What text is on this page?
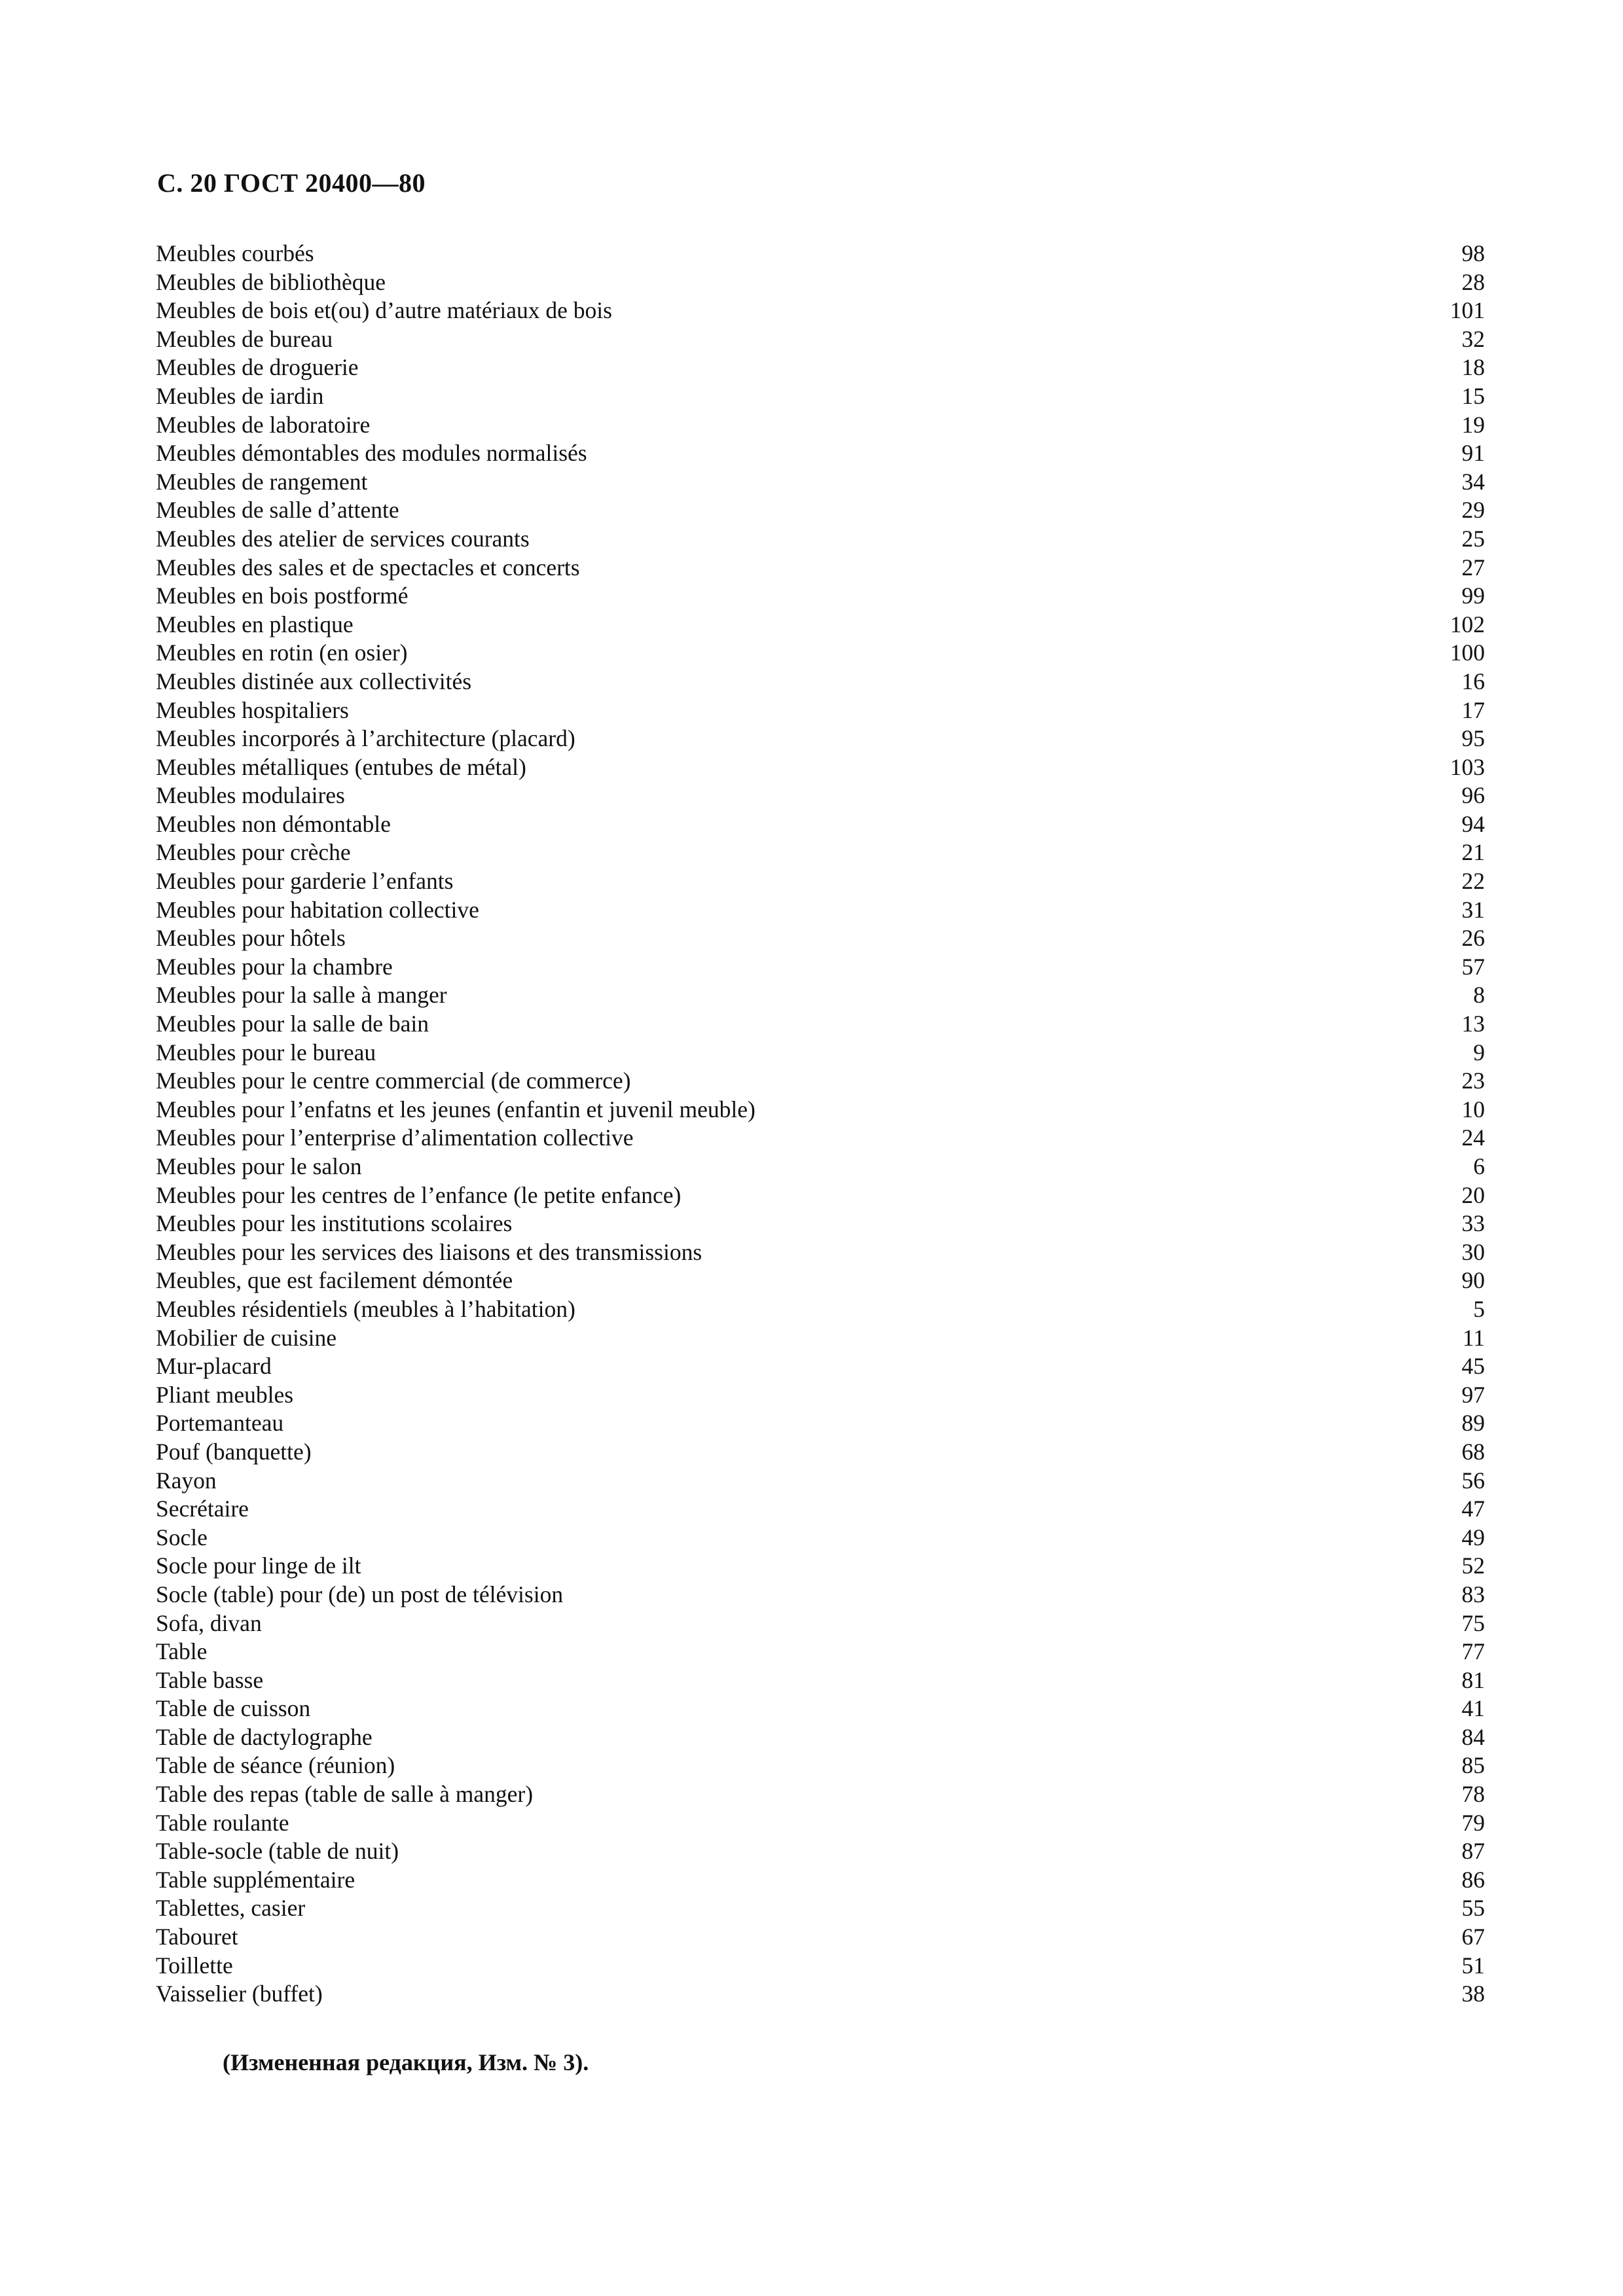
С. 20 ГОСТ 20400—80
Meubles courbés	98
Meubles de bibliothèque	28
Meubles de bois et(ou) d’autre matériaux de bois	101
Meubles de bureau	32
Meubles de droguerie	18
Meubles de iardin	15
Meubles de laboratoire	19
Meubles démontables des modules normalisés	91
Meubles de rangement	34
Meubles de salle d’attente	29
Meubles des atelier de services courants	25
Meubles des sales et de spectacles et concerts	27
Meubles en bois postformé	99
Meubles en plastique	102
Meubles en rotin (en osier)	100
Meubles distinée aux collectivités	16
Meubles hospitaliers	17
Meubles incorporés à l’architecture (placard)	95
Meubles métalliques (entubes de métal)	103
Meubles modulaires	96
Meubles non démontable	94
Meubles pour crèche	21
Meubles pour garderie l’enfants	22
Meubles pour habitation collective	31
Meubles pour hôtels	26
Meubles pour la chambre	57
Meubles pour la salle à manger	8
Meubles pour la salle de bain	13
Meubles pour le bureau	9
Meubles pour le centre commercial (de commerce)	23
Meubles pour l’enfatns et les jeunes (enfantin et juvenil meuble)	10
Meubles pour l’enterprise d’alimentation collective	24
Meubles pour le salon	6
Meubles pour les centres de l’enfance (le petite enfance)	20
Meubles pour les institutions scolaires	33
Meubles pour les services des liaisons et des transmissions	30
Meubles, que est facilement démontée	90
Meubles résidentiels (meubles à l’habitation)	5
Mobilier de cuisine	11
Mur-placard	45
Pliant meubles	97
Portemanteau	89
Pouf (banquette)	68
Rayon	56
Secrétaire	47
Socle	49
Socle pour linge de ilt	52
Socle (table) pour (de) un post de télévision	83
Sofa, divan	75
Table	77
Table basse	81
Table de cuisson	41
Table de dactylographe	84
Table de séance (réunion)	85
Table des repas (table de salle à manger)	78
Table roulante	79
Table-socle (table de nuit)	87
Table supplémentaire	86
Tablettes, casier	55
Tabouret	67
Toillette	51
Vaisselier (buffet)	38
(Измененная редакция, Изм. № 3).
